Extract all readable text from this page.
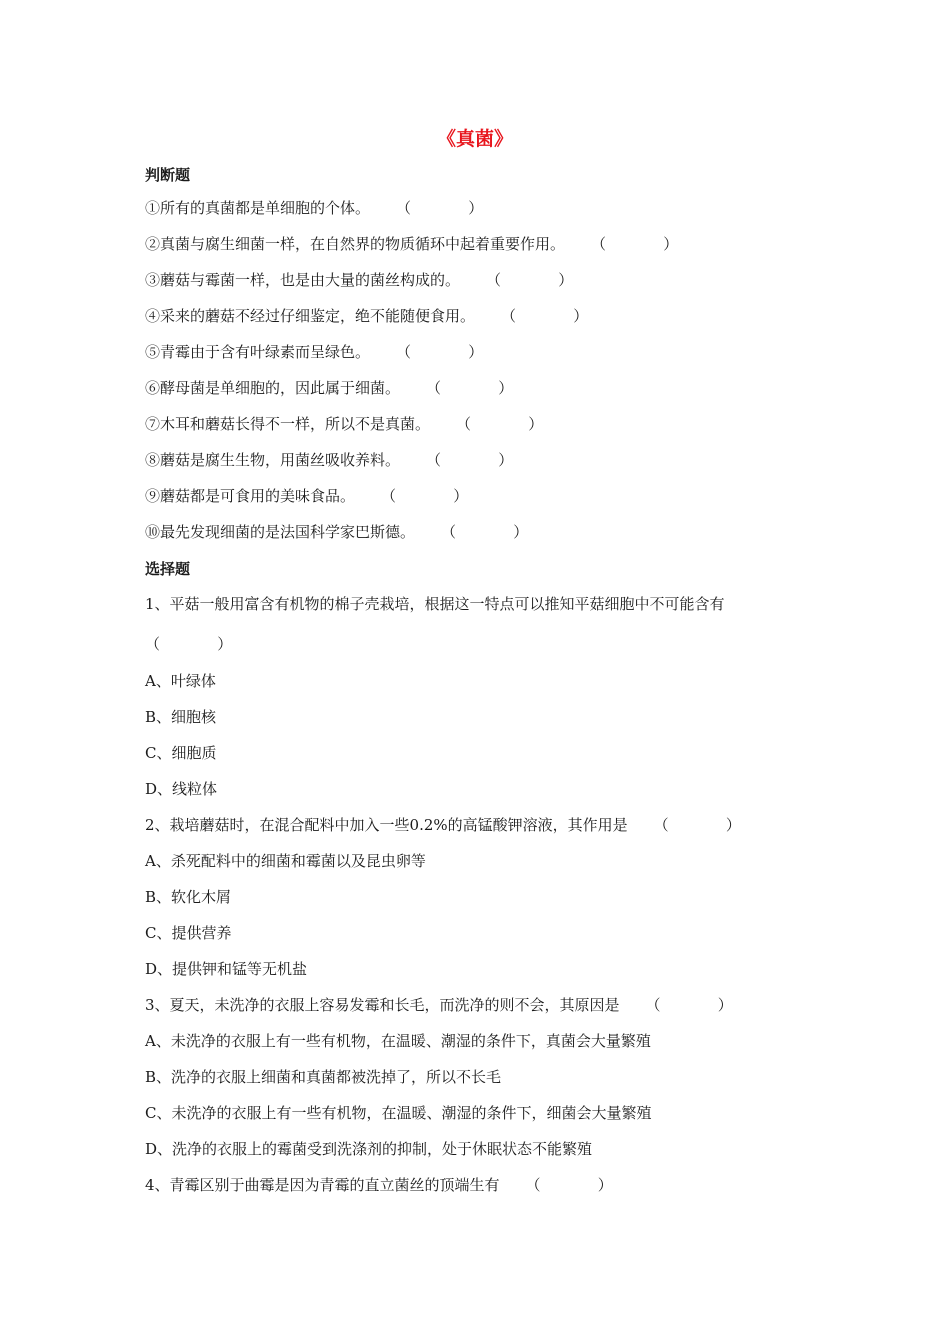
《真菌》
判断题
①所有的真菌都是单细胞的个体。 （            ）
②真菌与腐生细菌一样，在自然界的物质循环中起着重要作用。 （            ）
③蘑菇与霉菌一样，也是由大量的菌丝构成的。 （            ）
④采来的蘑菇不经过仔细鉴定，绝不能随便食用。 （            ）
⑤青霉由于含有叶绿素而呈绿色。 （            ）
⑥酵母菌是单细胞的，因此属于细菌。 （            ）
⑦木耳和蘑菇长得不一样，所以不是真菌。 （            ）
⑧蘑菇是腐生生物，用菌丝吸收养料。 （            ）
⑨蘑菇都是可食用的美味食品。 （            ）
⑩最先发现细菌的是法国科学家巴斯德。 （            ）
选择题
1、平菇一般用富含有机物的棉子壳栽培，根据这一特点可以推知平菇细胞中不可能含有
（            ）
A、叶绿体
B、细胞核
C、细胞质
D、线粒体
2、栽培蘑菇时，在混合配料中加入一些0.2%的高锰酸钾溶液，其作用是 （            ）
A、杀死配料中的细菌和霉菌以及昆虫卵等
B、软化木屑
C、提供营养
D、提供钾和锰等无机盐
3、夏天，未洗净的衣服上容易发霉和长毛，而洗净的则不会，其原因是 （            ）
A、未洗净的衣服上有一些有机物，在温暖、潮湿的条件下，真菌会大量繁殖
B、洗净的衣服上细菌和真菌都被洗掉了，所以不长毛
C、未洗净的衣服上有一些有机物，在温暖、潮湿的条件下，细菌会大量繁殖
D、洗净的衣服上的霉菌受到洗涤剂的抑制，处于休眠状态不能繁殖
4、青霉区别于曲霉是因为青霉的直立菌丝的顶端生有 （            ）
